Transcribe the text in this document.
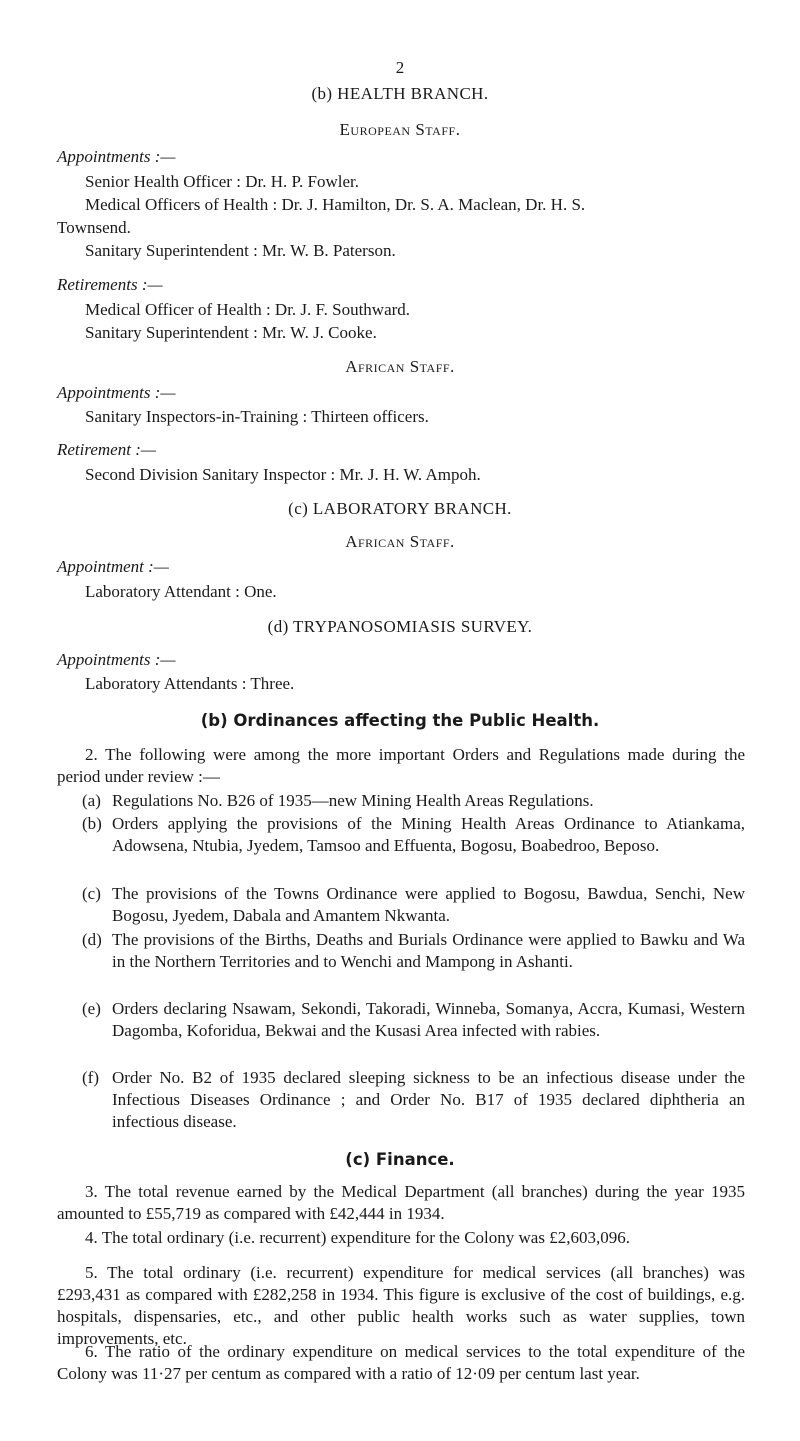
2
(b) HEALTH BRANCH.
European Staff.
Appointments :—
Senior Health Officer : Dr. H. P. Fowler.
Medical Officers of Health : Dr. J. Hamilton, Dr. S. A. Maclean, Dr. H. S.
Townsend.
Sanitary Superintendent : Mr. W. B. Paterson.
Retirements :—
Medical Officer of Health : Dr. J. F. Southward.
Sanitary Superintendent : Mr. W. J. Cooke.
African Staff.
Appointments :—
Sanitary Inspectors-in-Training : Thirteen officers.
Retirement :—
Second Division Sanitary Inspector : Mr. J. H. W. Ampoh.
(c) LABORATORY BRANCH.
African Staff.
Appointment :—
Laboratory Attendant : One.
(d) TRYPANOSOMIASIS SURVEY.
Appointments :—
Laboratory Attendants : Three.
(b) Ordinances affecting the Public Health.
2. The following were among the more important Orders and Regulations made during the period under review :—
(a) Regulations No. B26 of 1935—new Mining Health Areas Regulations.
(b) Orders applying the provisions of the Mining Health Areas Ordinance to Atiankama, Adowsena, Ntubia, Jyedem, Tamsoo and Effuenta, Bogosu, Boabedroo, Beposo.
(c) The provisions of the Towns Ordinance were applied to Bogosu, Bawdua, Senchi, New Bogosu, Jyedem, Dabala and Amantem Nkwanta.
(d) The provisions of the Births, Deaths and Burials Ordinance were applied to Bawku and Wa in the Northern Territories and to Wenchi and Mampong in Ashanti.
(e) Orders declaring Nsawam, Sekondi, Takoradi, Winneba, Somanya, Accra, Kumasi, Western Dagomba, Koforidua, Bekwai and the Kusasi Area infected with rabies.
(f) Order No. B2 of 1935 declared sleeping sickness to be an infectious disease under the Infectious Diseases Ordinance ; and Order No. B17 of 1935 declared diphtheria an infectious disease.
(c) Finance.
3. The total revenue earned by the Medical Department (all branches) during the year 1935 amounted to £55,719 as compared with £42,444 in 1934.
4. The total ordinary (i.e. recurrent) expenditure for the Colony was £2,603,096.
5. The total ordinary (i.e. recurrent) expenditure for medical services (all branches) was £293,431 as compared with £282,258 in 1934. This figure is exclusive of the cost of buildings, e.g. hospitals, dispensaries, etc., and other public health works such as water supplies, town improvements, etc.
6. The ratio of the ordinary expenditure on medical services to the total expenditure of the Colony was 11·27 per centum as compared with a ratio of 12·09 per centum last year.
